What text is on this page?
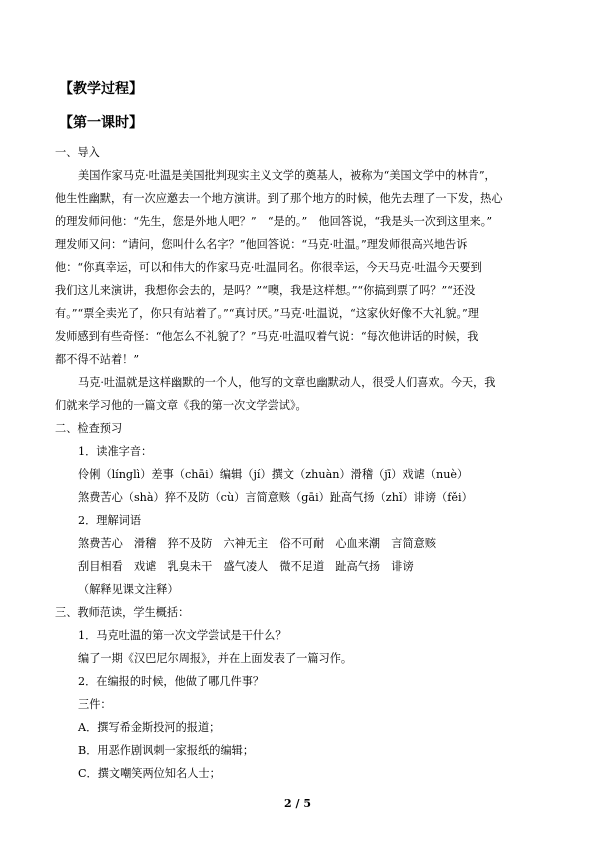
【教学过程】
【第一课时】
一、导入
美国作家马克·吐温是美国批判现实主义文学的奠基人，被称为“美国文学中的林肯”，
他生性幽默，有一次应邀去一个地方演讲。到了那个地方的时候，他先去理了一下发，热心
的理发师问他：“先生，您是外地人吧？”　“是的。”　他回答说，“我是头一次到这里来。”
理发师又问：“请问，您叫什么名字？”他回答说：“马克·吐温。”理发师很高兴地告诉
他：“你真幸运，可以和伟大的作家马克·吐温同名。你很幸运，今天马克·吐温今天要到
我们这儿来演讲，我想你会去的，是吗？”“噢，我是这样想。”“你搞到票了吗？”“还没
有。”“票全卖光了，你只有站着了。”“真讨厌。”马克·吐温说，“这家伙好像不大礼貌。”理
发师感到有些奇怪：“他怎么不礼貌了？”马克·吐温叹着气说：“每次他讲话的时候，我
都不得不站着！”
马克·吐温就是这样幽默的一个人，他写的文章也幽默动人，很受人们喜欢。今天，我
们就来学习他的一篇文章《我的第一次文学尝试》。
二、检查预习
1．读准字音：
伶俐（línglì）差事（chāi）编辑（jí）撰文（zhuàn）滑稽（jī）戏谑（nuè）
煞费苦心（shà）猝不及防（cù）言简意赅（gāi）趾高气扬（zhǐ）诽谤（fěi）
2．理解词语
煞费苦心　滑稽　猝不及防　六神无主　俗不可耐　心血来潮　言简意赅
刮目相看　戏谑　乳臭未干　盛气凌人　微不足道　趾高气扬　诽谤
（解释见课文注释）
三、教师范读，学生概括：
1．马克吐温的第一次文学尝试是干什么？
编了一期《汉巴尼尔周报》，并在上面发表了一篇习作。
2．在编报的时候，他做了哪几件事？
三件：
A．撰写希金斯投河的报道；
B．用恶作剧讽刺一家报纸的编辑；
C．撰文嘲笑两位知名人士；
2 / 5
